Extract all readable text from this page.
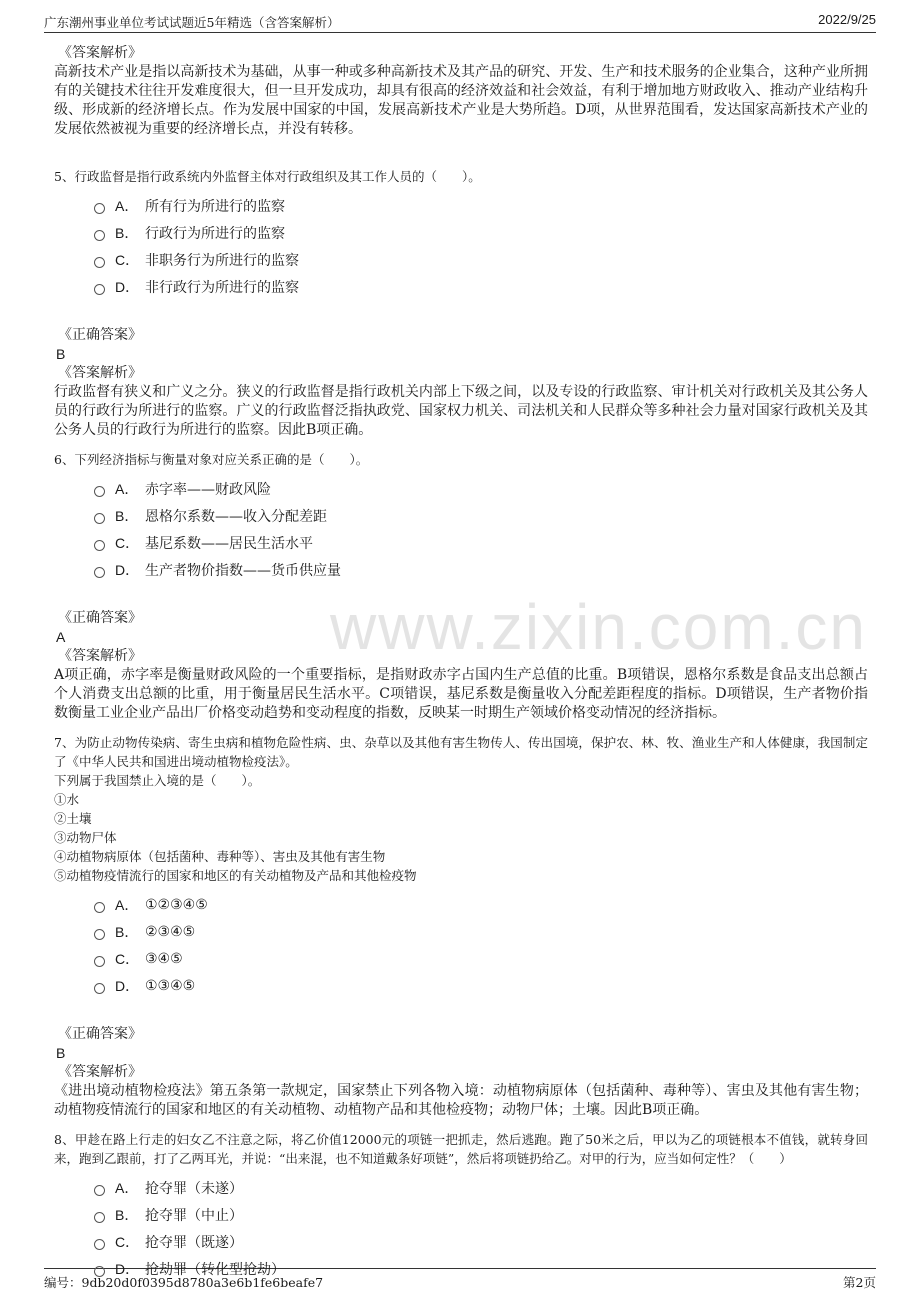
广东潮州事业单位考试试题近5年精选（含答案解析）	2022/9/25
www.zixin.com.cn

《答案解析》

高新技术产业是指以高新技术为基础，从事一种或多种高新技术及其产品的研究、开发、生产和技术服务的企业集合，这种产业所拥有的关键技术往往开发难度很大，但一旦开发成功，却具有很高的经济效益和社会效益，有利于增加地方财政收入、推动产业结构升级、形成新的经济增长点。作为发展中国家的中国，发展高新技术产业是大势所趋。D项，从世界范围看，发达国家高新技术产业的发展依然被视为重要的经济增长点，并没有转移。

5、行政监督是指行政系统内外监督主体对行政组织及其工作人员的（　　）。

A． 所有行为所进行的监察
B． 行政行为所进行的监察
C． 非职务行为所进行的监察
D． 非行政行为所进行的监察

《正确答案》

B

《答案解析》

行政监督有狭义和广义之分。狭义的行政监督是指行政机关内部上下级之间，以及专设的行政监察、审计机关对行政机关及其公务人员的行政行为所进行的监察。广义的行政监督泛指执政党、国家权力机关、司法机关和人民群众等多种社会力量对国家行政机关及其公务人员的行政行为所进行的监察。因此B项正确。

6、下列经济指标与衡量对象对应关系正确的是（　　）。

A． 赤字率——财政风险
B． 恩格尔系数——收入分配差距
C． 基尼系数——居民生活水平
D． 生产者物价指数——货币供应量

《正确答案》

A

《答案解析》

A项正确，赤字率是衡量财政风险的一个重要指标，是指财政赤字占国内生产总值的比重。B项错误，恩格尔系数是食品支出总额占个人消费支出总额的比重，用于衡量居民生活水平。C项错误，基尼系数是衡量收入分配差距程度的指标。D项错误，生产者物价指数衡量工业企业产品出厂价格变动趋势和变动程度的指数，反映某一时期生产领域价格变动情况的经济指标。

7、为防止动物传染病、寄生虫病和植物危险性病、虫、杂草以及其他有害生物传人、传出国境，保护农、林、牧、渔业生产和人体健康，我国制定了《中华人民共和国进出境动植物检疫法》。

下列属于我国禁止入境的是（　　）。

①水

②土壤

③动物尸体

④动植物病原体（包括菌种、毒种等）、害虫及其他有害生物

⑤动植物疫情流行的国家和地区的有关动植物及产品和其他检疫物

A． ①②③④⑤
B． ②③④⑤
C． ③④⑤
D． ①③④⑤

《正确答案》

B

《答案解析》

《进出境动植物检疫法》第五条第一款规定，国家禁止下列各物入境：动植物病原体（包括菌种、毒种等）、害虫及其他有害生物；动植物疫情流行的国家和地区的有关动植物、动植物产品和其他检疫物；动物尸体；土壤。因此B项正确。

8、甲趁在路上行走的妇女乙不注意之际，将乙价值12000元的项链一把抓走，然后逃跑。跑了50米之后，甲以为乙的项链根本不值钱，就转身回来，跑到乙跟前，打了乙两耳光，并说：“出来混，也不知道戴条好项链”，然后将项链扔给乙。对甲的行为，应当如何定性？（　　）

A． 抢夺罪（未遂）
B． 抢夺罪（中止）
C． 抢夺罪（既遂）
D． 抢劫罪（转化型抢劫）
编号：9db20d0f0395d8780a3e6b1fe6beafe7	第2页
